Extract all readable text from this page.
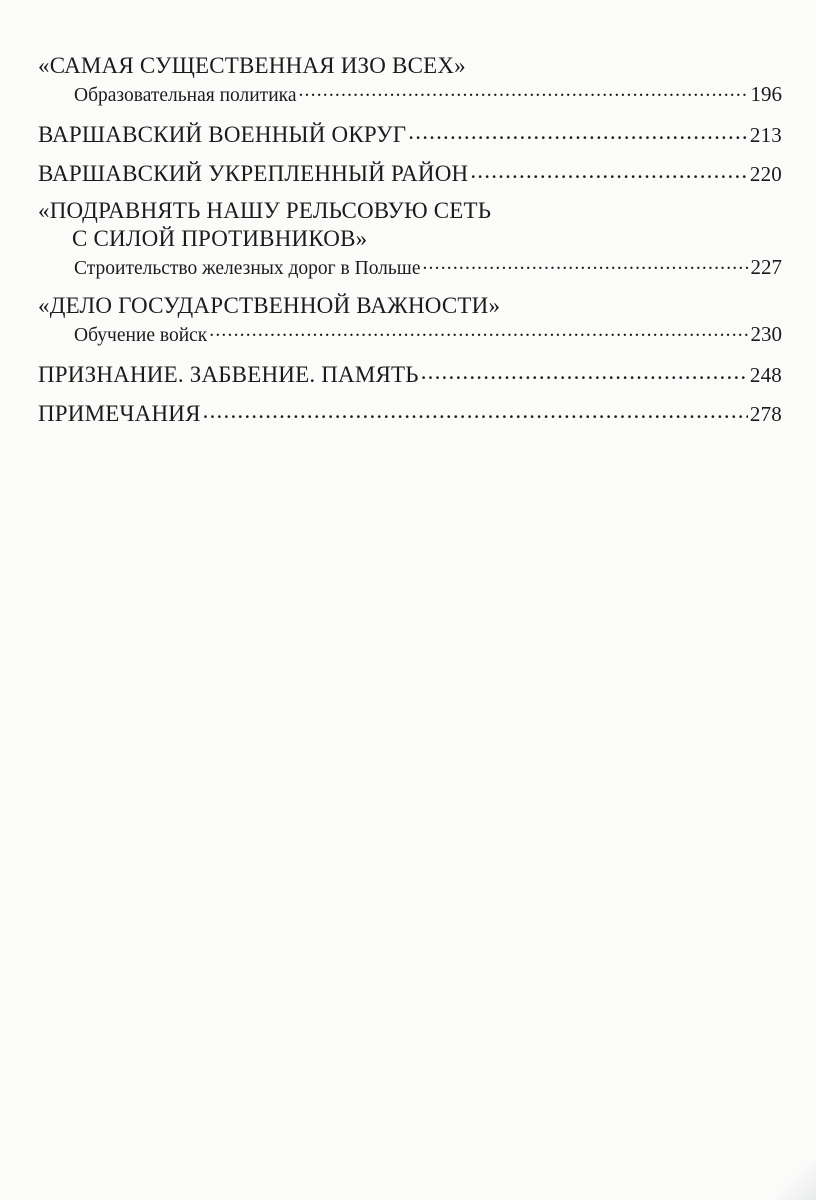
«САМАЯ СУЩЕСТВЕННАЯ ИЗО ВСЕХ»
Образовательная политика .....	196
ВАРШАВСКИЙ ВОЕННЫЙ ОКРУГ .....	213
ВАРШАВСКИЙ УКРЕПЛЕННЫЙ РАЙОН .....	220
«ПОДРАВНЯТЬ НАШУ РЕЛЬСОВУЮ СЕТЬ
С СИЛОЙ ПРОТИВНИКОВ»
Строительство железных дорог в Польше .....	227
«ДЕЛО ГОСУДАРСТВЕННОЙ ВАЖНОСТИ»
Обучение войск .....	230
ПРИЗНАНИЕ. ЗАБВЕНИЕ. ПАМЯТЬ .....	248
ПРИМЕЧАНИЯ .....	278
